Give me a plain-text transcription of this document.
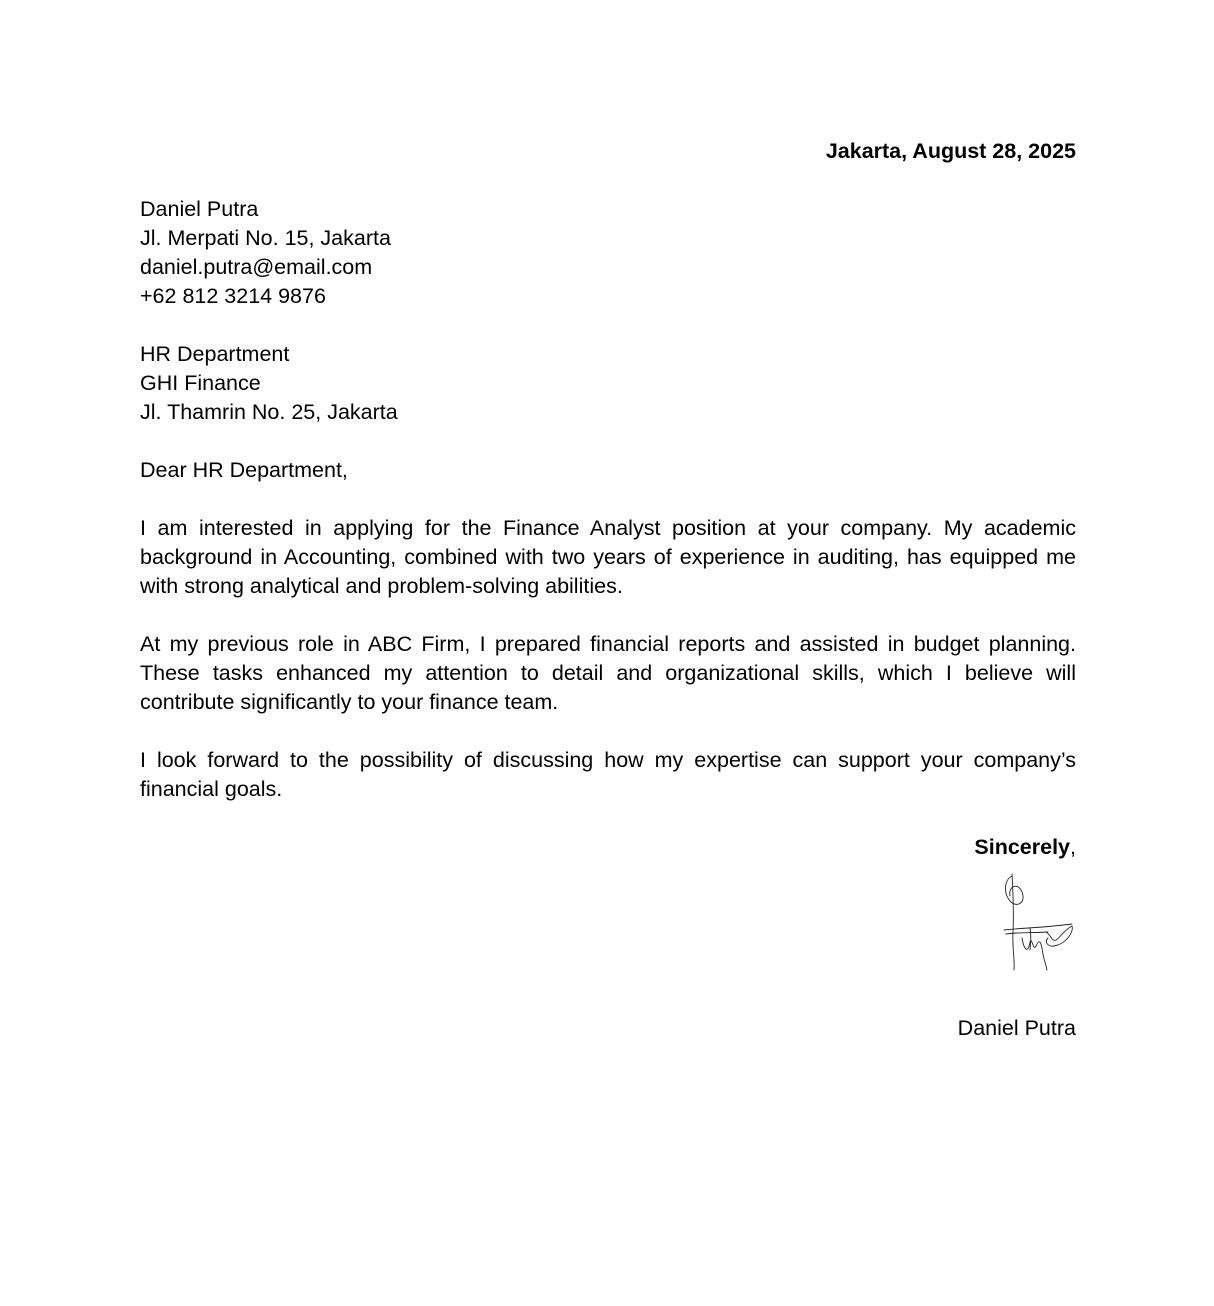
Jakarta, August 28, 2025

Daniel Putra
Jl. Merpati No. 15, Jakarta
daniel.putra@email.com
+62 812 3214 9876
HR Department
GHI Finance
Jl. Thamrin No. 25, Jakarta

Dear HR Department,

I am interested in applying for the Finance Analyst position at your company. My academic background in Accounting, combined with two years of experience in auditing, has equipped me with strong analytical and problem-solving abilities.

At my previous role in ABC Firm, I prepared financial reports and assisted in budget planning. These tasks enhanced my attention to detail and organizational skills, which I believe will contribute significantly to your finance team.

I look forward to the possibility of discussing how my expertise can support your company’s financial goals.

Sincerely,

Daniel Putra
